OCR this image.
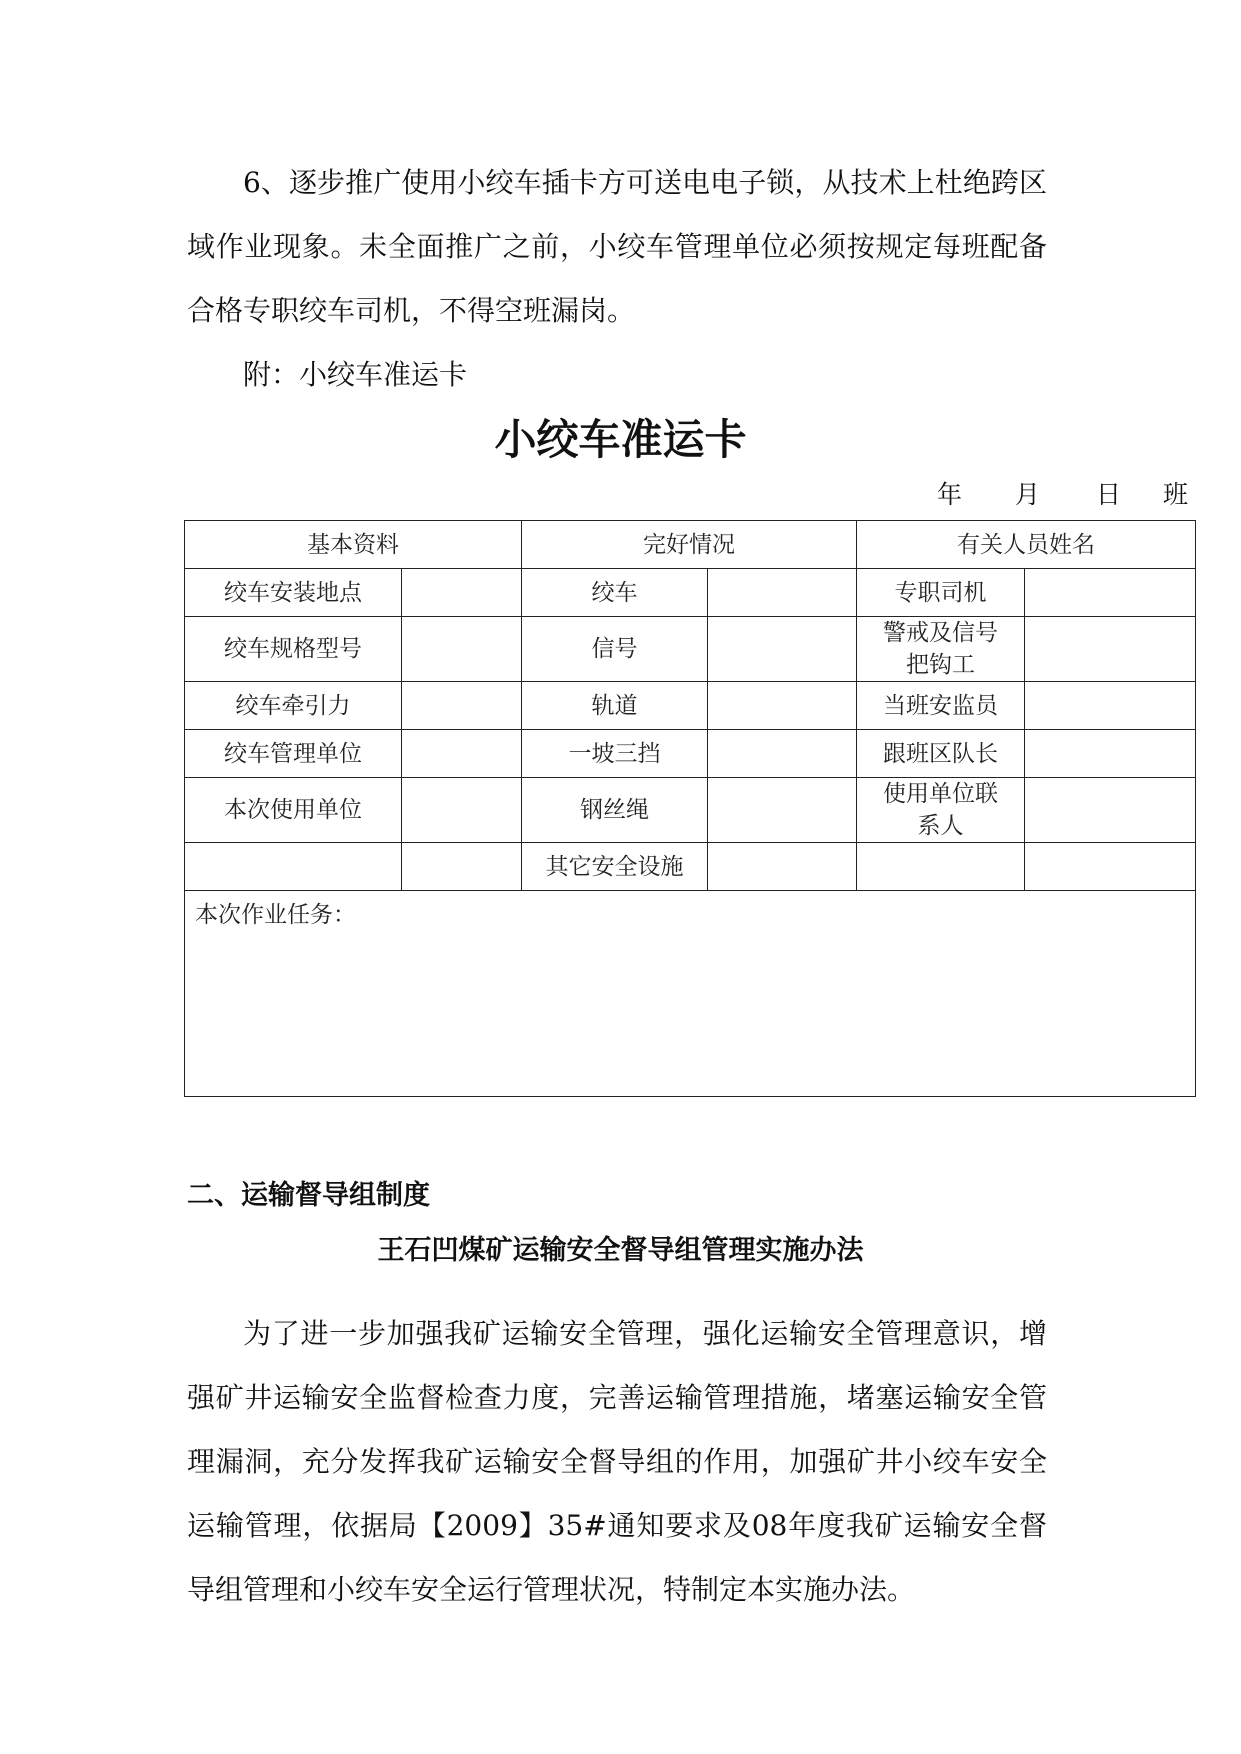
6、逐步推广使用小绞车插卡方可送电电子锁，从技术上杜绝跨区域作业现象。未全面推广之前，小绞车管理单位必须按规定每班配备合格专职绞车司机，不得空班漏岗。

附：小绞车准运卡
小绞车准运卡
年 月 日 班
基本资料		完好情况		有关人员姓名	
绞车安装地点		绞车		专职司机	
绞车规格型号		信号		警戒及信号把钩工	
绞车牵引力		轨道		当班安监员	
绞车管理单位		一坡三挡		跟班区队长	
本次使用单位		钢丝绳		使用单位联系人	
		其它安全设施			
本次作业任务：					
二、运输督导组制度
王石凹煤矿运输安全督导组管理实施办法

为了进一步加强我矿运输安全管理，强化运输安全管理意识，增强矿井运输安全监督检查力度，完善运输管理措施，堵塞运输安全管理漏洞，充分发挥我矿运输安全督导组的作用，加强矿井小绞车安全运输管理，依据局【2009】35#通知要求及08年度我矿运输安全督导组管理和小绞车安全运行管理状况，特制定本实施办法。
